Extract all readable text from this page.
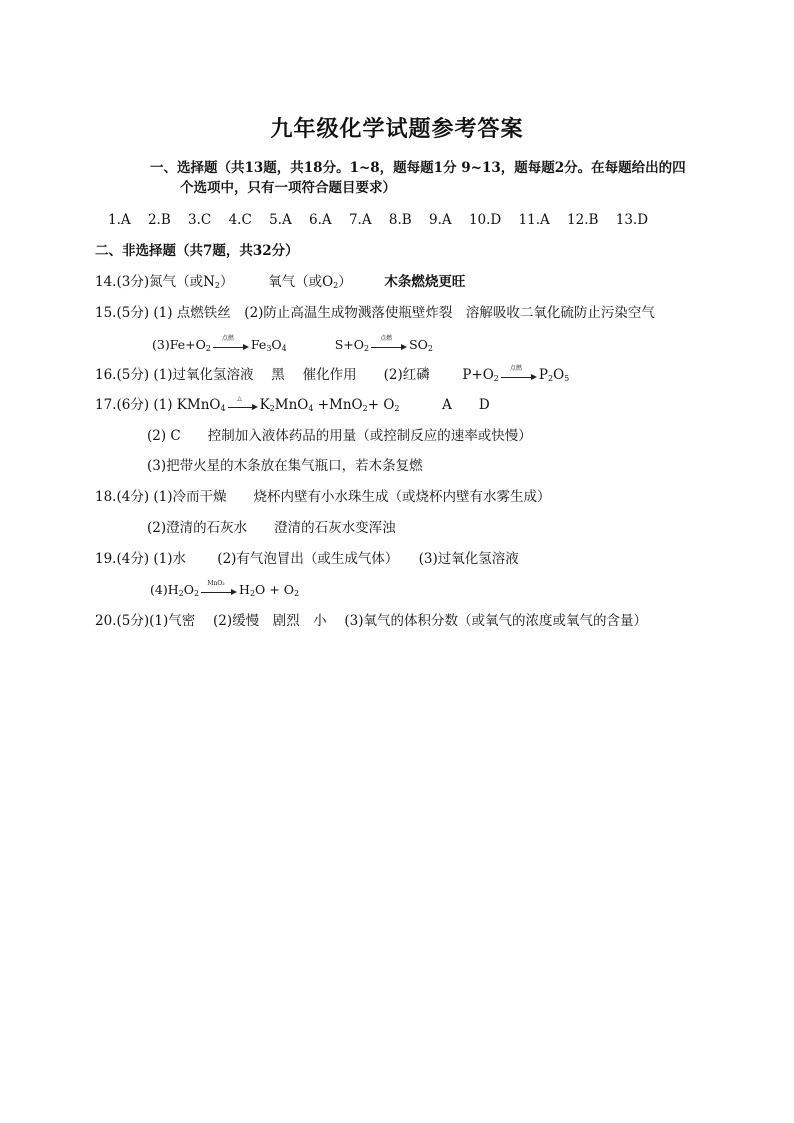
九年级化学试题参考答案
一、选择题（共13题，共18分。1~8，题每题1分 9~13，题每题2分。在每题给出的四
个选项中，只有一项符合题目要求）
1.A 2.B 3.C 4.C 5.A 6.A 7.A 8.B 9.A 10.D 11.A 12.B 13.D
二、非选择题（共7题，共32分）
14.(3分)氮气（或$N_2$）	氧气（或$O_2$） 木条燃烧更旺
15.(5分) (1) 点燃铁丝　(2)防止高温生成物溅落使瓶壁炸裂　溶解吸收二氧化硫防止污染空气
$(3)Fe+O_2$
点燃	$Fe_3O_4$	$S+O_2$
点燃	$SO_2$
16.(5分) (1)过氧化氢溶液　 黑　 催化作用　　(2)红磷 $P+O_2$
点燃	$P_2O_5$
17.(6分) (1) KMnO$_4$
△	$K_2MnO_4 +MnO_2+ O_2$	A　　D
(2) C　　控制加入液体药品的用量（或控制反应的速率或快慢）
(3)把带火星的木条放在集气瓶口，若木条复燃
18.(4分) (1)冷而干燥　　烧杯内壁有小水珠生成（或烧杯内壁有水雾生成）
(2)澄清的石灰水　　澄清的石灰水变浑浊
19.(4分) (1)水　　 (2)有气泡冒出（或生成气体）　　(3)过氧化氢溶液
$(4)H_2O_2$
MnO₂	$H_2O + O_2$
20.(5分)(1)气密　 (2)缓慢　剧烈　小　 (3)氧气的体积分数（或氧气的浓度或氧气的含量）
